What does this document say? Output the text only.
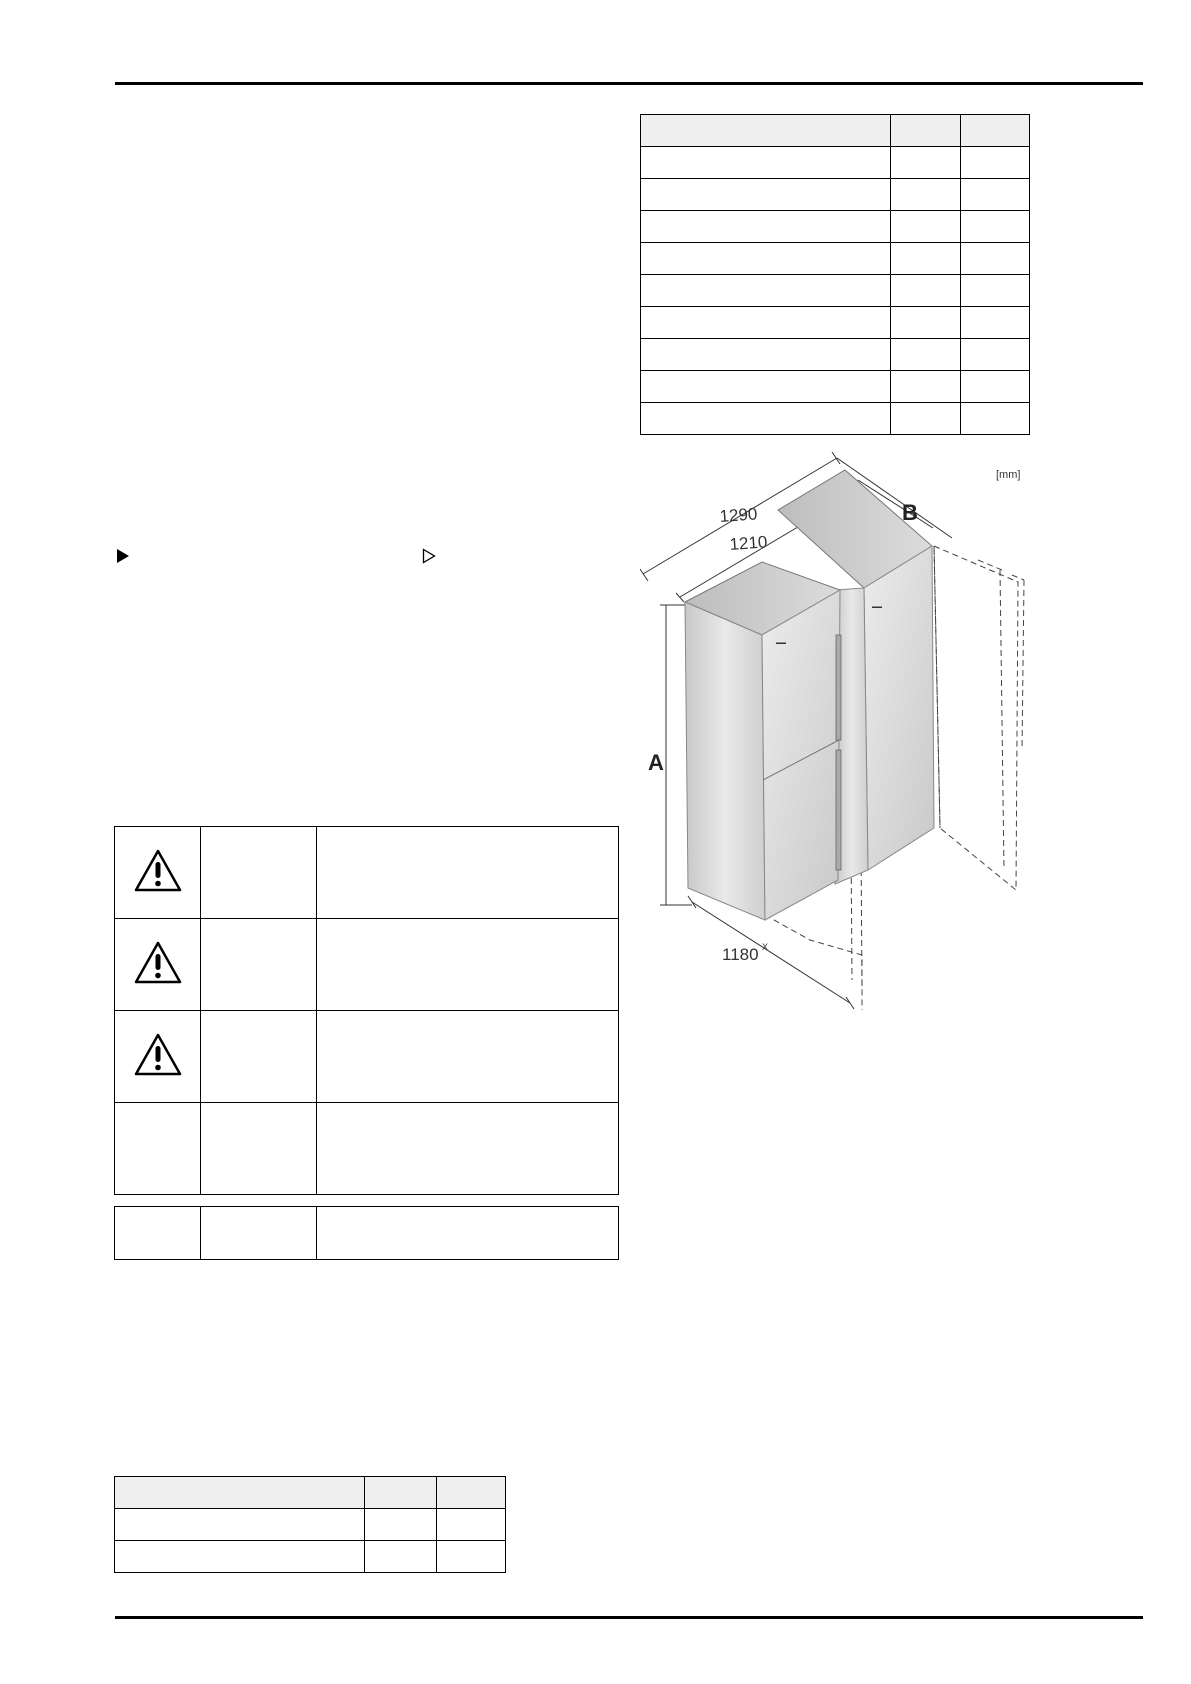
[mm]
1290
1210
B
A
1180 X
▬▬
▬▬
